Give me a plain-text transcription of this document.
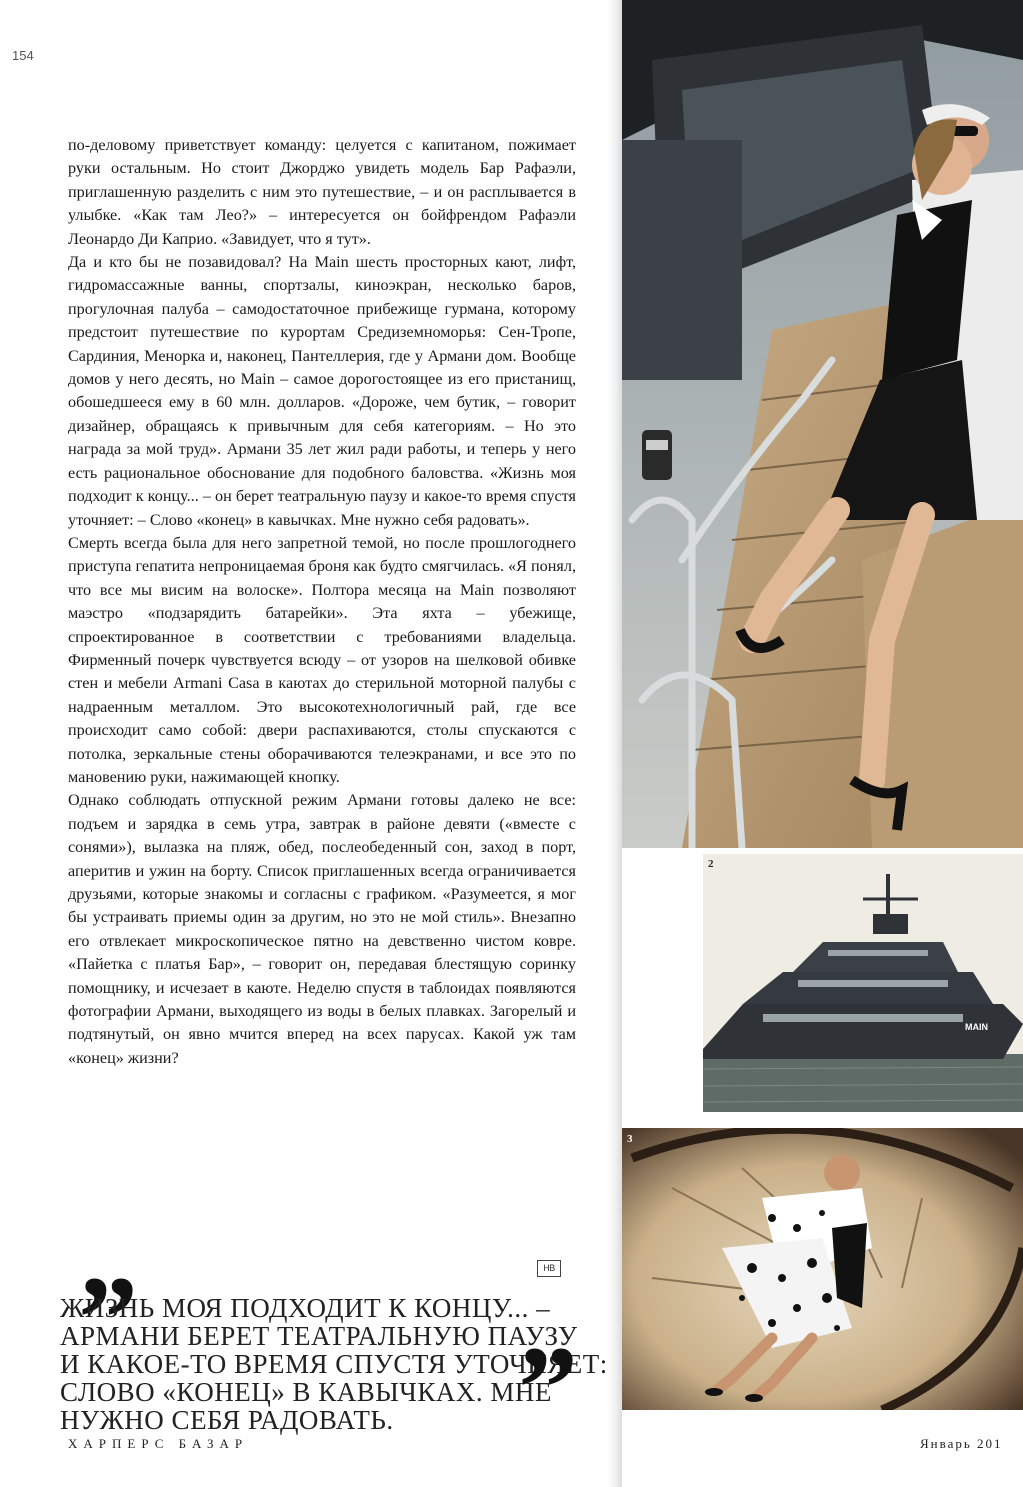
154

по-деловому приветствует команду: целуется с капитаном, пожимает руки остальным. Но стоит Джорджо увидеть модель Бар Рафаэли, приглашенную разделить с ним это путешествие, – и он расплывается в улыбке. «Как там Лео?» – интересуется он бойфрендом Рафаэли Леонардо Ди Каприо. «Завидует, что я тут».

Да и кто бы не позавидовал? На Main шесть просторных кают, лифт, гидромассажные ванны, спортзалы, киноэкран, несколько баров, прогулочная палуба – самодостаточное прибежище гурмана, которому предстоит путешествие по курортам Средиземноморья: Сен-Тропе, Сардиния, Менорка и, наконец, Пантеллерия, где у Армани дом. Вообще домов у него десять, но Main – самое дорогостоящее из его пристанищ, обошедшееся ему в 60 млн. долларов. «Дороже, чем бутик, – говорит дизайнер, обращаясь к привычным для себя категориям. – Но это награда за мой труд». Армани 35 лет жил ради работы, и теперь у него есть рациональное обоснование для подобного баловства. «Жизнь моя подходит к концу... – он берет театральную паузу и какое-то время спустя уточняет: – Слово «конец» в кавычках. Мне нужно себя радовать».

Смерть всегда была для него запретной темой, но после прошлогоднего приступа гепатита непроницаемая броня как будто смягчилась. «Я понял, что все мы висим на волоске». Полтора месяца на Main позволяют маэстро «подзарядить батарейки». Эта яхта – убежище, спроектированное в соответствии с требованиями владельца. Фирменный почерк чувствуется всюду – от узоров на шелковой обивке стен и мебели Armani Casa в каютах до стерильной моторной палубы с надраенным металлом. Это высокотехнологичный рай, где все происходит само собой: двери распахиваются, столы спускаются с потолка, зеркальные стены оборачиваются телеэкранами, и все это по мановению руки, нажимающей кнопку.

Однако соблюдать отпускной режим Армани готовы далеко не все: подъем и зарядка в семь утра, завтрак в районе девяти («вместе с сонями»), вылазка на пляж, обед, послеобеденный сон, заход в порт, аперитив и ужин на борту. Список приглашенных всегда ограничивается друзьями, которые знакомы и согласны с графиком. «Разумеется, я мог бы устраивать приемы один за другим, но это не мой стиль». Внезапно его отвлекает микроскопическое пятно на девственно чистом ковре. «Пайетка с платья Бар», – говорит он, передавая блестящую соринку помощнику, и исчезает в каюте. Неделю спустя в таблоидах появляются фотографии Армани, выходящего из воды в белых плавках. Загорелый и подтянутый, он явно мчится вперед на всех парусах. Какой уж там «конец» жизни?

HB
”
ЖИЗНЬ МОЯ ПОДХОДИТ К КОНЦУ... –
АРМАНИ БЕРЕТ ТЕАТРАЛЬНУЮ ПАУЗУ
И КАКОЕ-ТО ВРЕМЯ СПУСТЯ УТОЧНЯЕТ:
СЛОВО «КОНЕЦ» В КАВЫЧКАХ. МНЕ
НУЖНО СЕБЯ РАДОВАТЬ.	”
ХАРПЕРС БАЗАР	Январь 201
MAIN
2
3
